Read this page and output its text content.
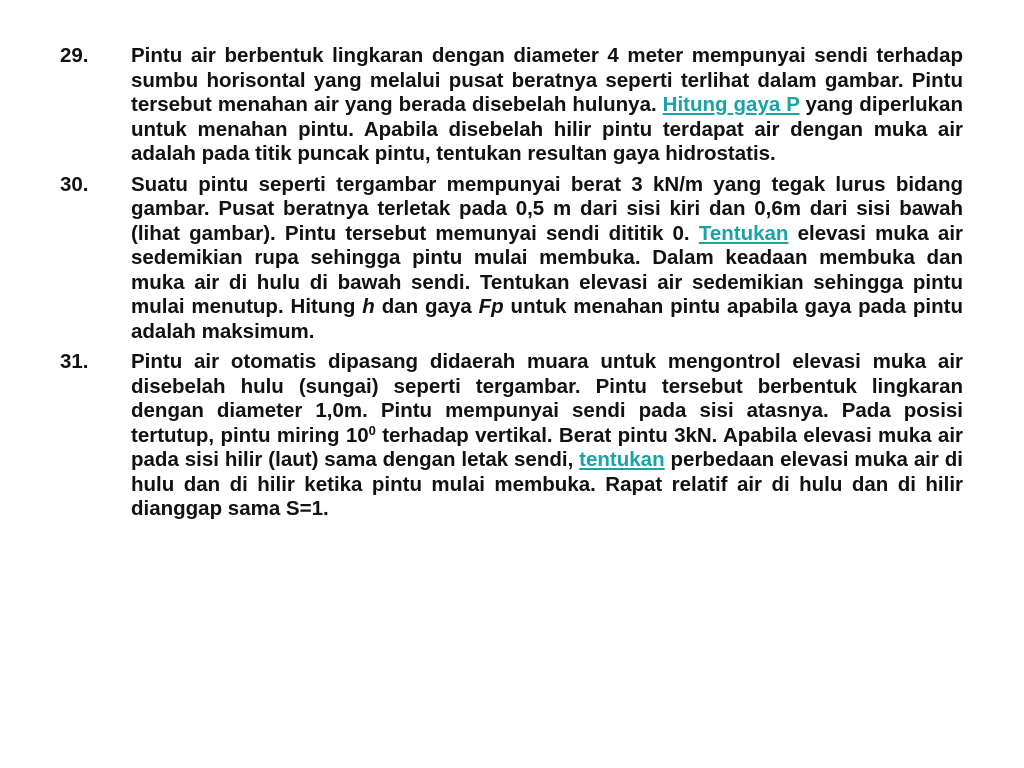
29.	Pintu air berbentuk lingkaran dengan diameter 4 meter mempunyai sendi terhadap sumbu horisontal yang melalui pusat beratnya seperti terlihat dalam gambar. Pintu tersebut menahan air yang berada disebelah hulunya. Hitung gaya P yang diperlukan untuk menahan pintu. Apabila disebelah hilir pintu terdapat air dengan muka air adalah pada titik puncak pintu, tentukan resultan gaya hidrostatis.
30.	Suatu pintu seperti tergambar mempunyai berat 3 kN/m yang tegak lurus bidang gambar. Pusat beratnya terletak pada 0,5 m dari sisi kiri dan 0,6m dari sisi bawah (lihat gambar). Pintu tersebut memunyai sendi dititik 0. Tentukan elevasi muka air sedemikian rupa sehingga pintu mulai membuka. Dalam keadaan membuka dan muka air di hulu di bawah sendi. Tentukan elevasi air sedemikian sehingga pintu mulai menutup. Hitung h dan gaya Fp untuk menahan pintu apabila gaya pada pintu adalah maksimum.
31.	Pintu air otomatis dipasang didaerah muara untuk mengontrol elevasi muka air disebelah hulu (sungai) seperti tergambar. Pintu tersebut berbentuk lingkaran dengan diameter 1,0m. Pintu mempunyai sendi pada sisi atasnya. Pada posisi tertutup, pintu miring $10^0$ terhadap vertikal. Berat pintu 3kN. Apabila elevasi muka air pada sisi hilir (laut) sama dengan letak sendi, tentukan perbedaan elevasi muka air di hulu dan di hilir ketika pintu mulai membuka. Rapat relatif air di hulu dan di hilir dianggap sama S=1.
